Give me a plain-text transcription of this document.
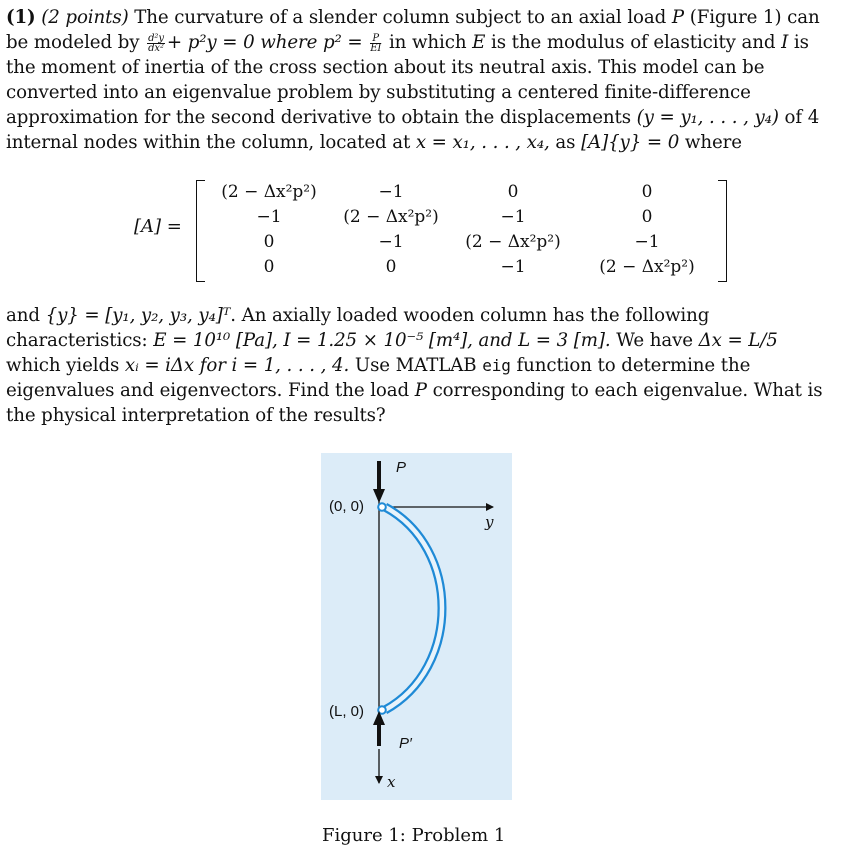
(1) (2 points) The curvature of a slender column subject to an axial load P (Figure 1) can be modeled by $\frac{\text{d²y}}{\text{dx²}} + p^2y = 0$ where $p^2 = \frac{P}{EI}$ in which E is the modulus of elasticity and I is the moment of inertia of the cross section about its neutral axis. This model can be converted into an eigenvalue problem by substituting a centered finite-difference approximation for the second derivative to obtain the displacements (y = y₁, . . . , y₄) of 4 internal nodes within the column, located at x = x₁, . . . , x₄, as [A]{y} = 0 where
[A] =
(2 − Δx²p²)	−1	0	0
−1	(2 − Δx²p²)	−1	0
0	−1	(2 − Δx²p²)	−1
0	0	−1	(2 − Δx²p²)
and {y} = [y₁, y₂, y₃, y₄]ᵀ. An axially loaded wooden column has the following characteristics: E = 10¹⁰ [Pa], I = 1.25 × 10⁻⁵ [m⁴], and L = 3 [m]. We have Δx = L/5 which yields xᵢ = iΔx for i = 1, . . . , 4. Use MATLAB eig function to determine the eigenvalues and eigenvectors. Find the load P corresponding to each eigenvalue. What is the physical interpretation of the results?
P
(0, 0)
y
(L, 0)
P′
x
Figure 1: Problem 1
